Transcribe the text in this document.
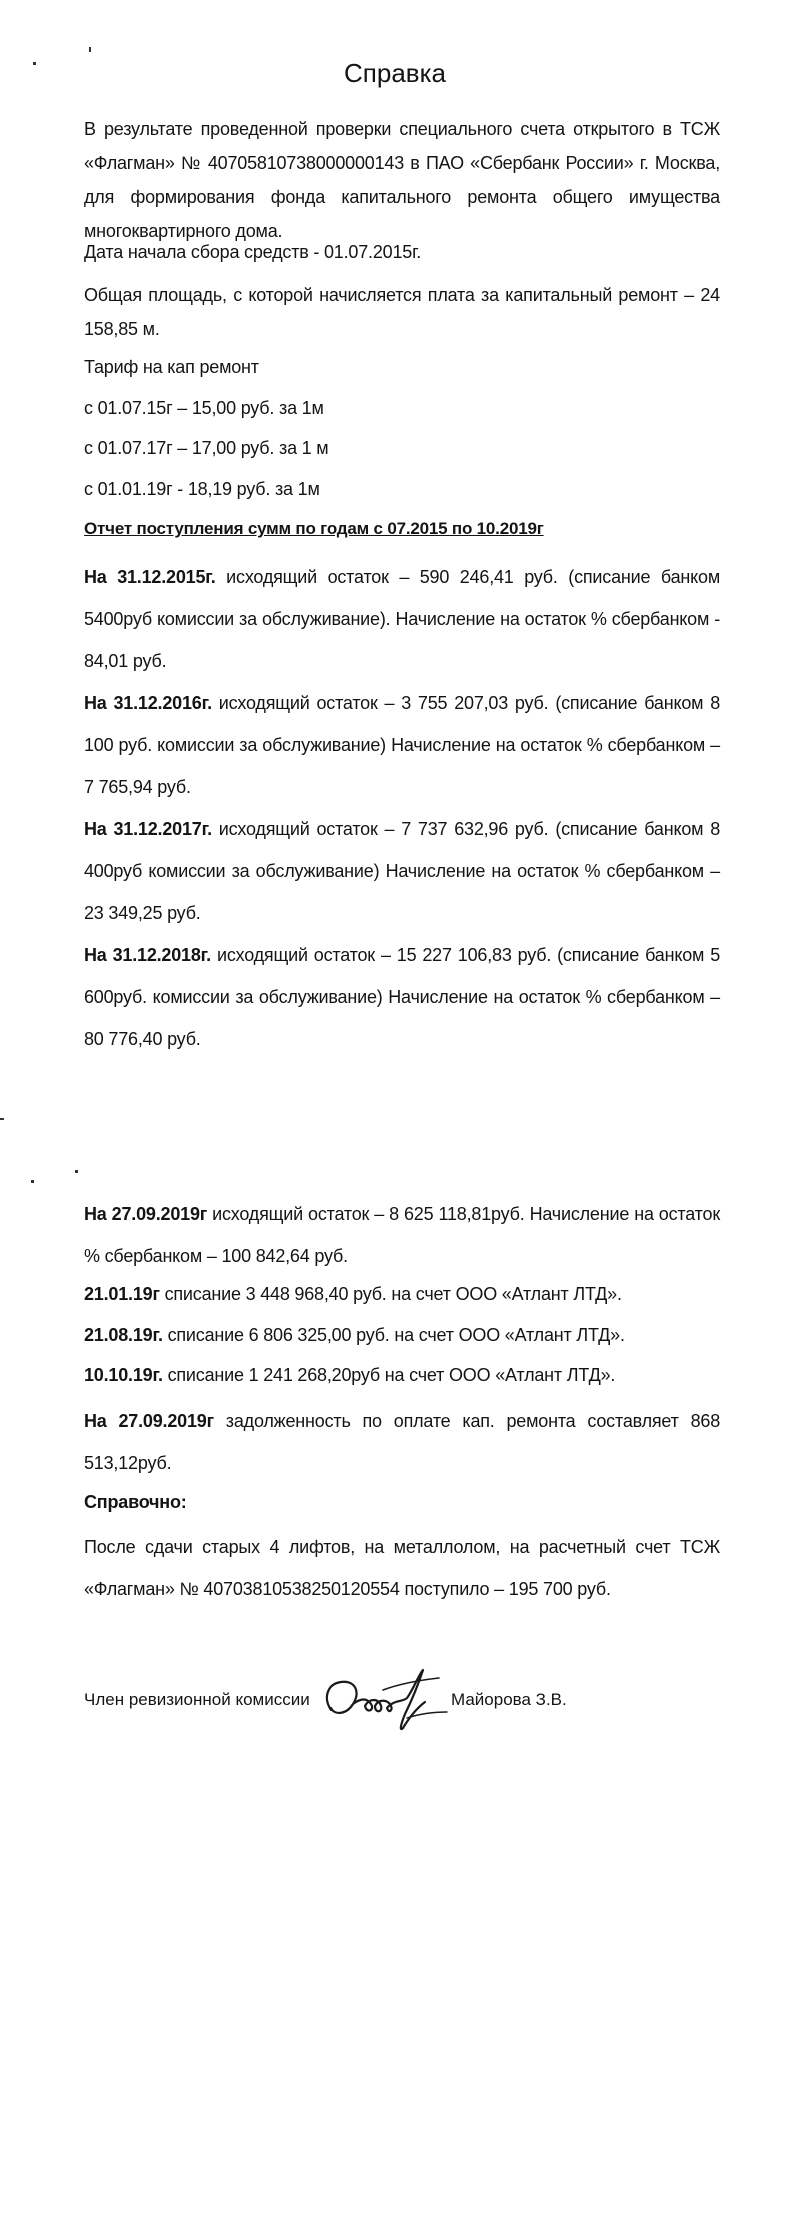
Справка

В результате проведенной проверки специального счета открытого в ТСЖ «Флагман» № 40705810738000000143 в ПАО «Сбербанк России» г. Москва, для формирования фонда капитального ремонта общего имущества многоквартирного дома.

Дата начала сбора средств - 01.07.2015г.

Общая площадь, с которой начисляется плата за капитальный ремонт – 24 158,85 м.

Тариф на кап ремонт

с 01.07.15г – 15,00 руб. за 1м

с 01.07.17г – 17,00 руб. за 1 м

с 01.01.19г - 18,19 руб. за 1м

Отчет поступления сумм по годам с 07.2015 по 10.2019г

На 31.12.2015г. исходящий остаток – 590 246,41 руб. (списание банком 5400руб комиссии за обслуживание). Начисление на остаток % сбербанком - 84,01 руб.

На 31.12.2016г. исходящий остаток – 3 755 207,03 руб. (списание банком 8 100 руб. комиссии за обслуживание) Начисление на остаток % сбербанком – 7 765,94 руб.

На 31.12.2017г. исходящий остаток – 7 737 632,96 руб. (списание банком 8 400руб комиссии за обслуживание) Начисление на остаток % сбербанком – 23 349,25 руб.

На 31.12.2018г. исходящий остаток – 15 227 106,83 руб. (списание банком 5 600руб. комиссии за обслуживание) Начисление на остаток % сбербанком – 80 776,40 руб.

На 27.09.2019г исходящий остаток – 8 625 118,81руб. Начисление на остаток % сбербанком – 100 842,64 руб.

21.01.19г списание 3 448 968,40 руб. на счет ООО «Атлант ЛТД».

21.08.19г. списание 6 806 325,00 руб. на счет ООО «Атлант ЛТД».

10.10.19г. списание 1 241 268,20руб на счет ООО «Атлант ЛТД».

На 27.09.2019г задолженность по оплате кап. ремонта составляет 868 513,12руб.

Справочно:

После сдачи старых 4 лифтов, на металлолом, на расчетный счет ТСЖ «Флагман» № 40703810538250120554 поступило – 195 700 руб.

Член ревизионной комиссии	Майорова З.В.
